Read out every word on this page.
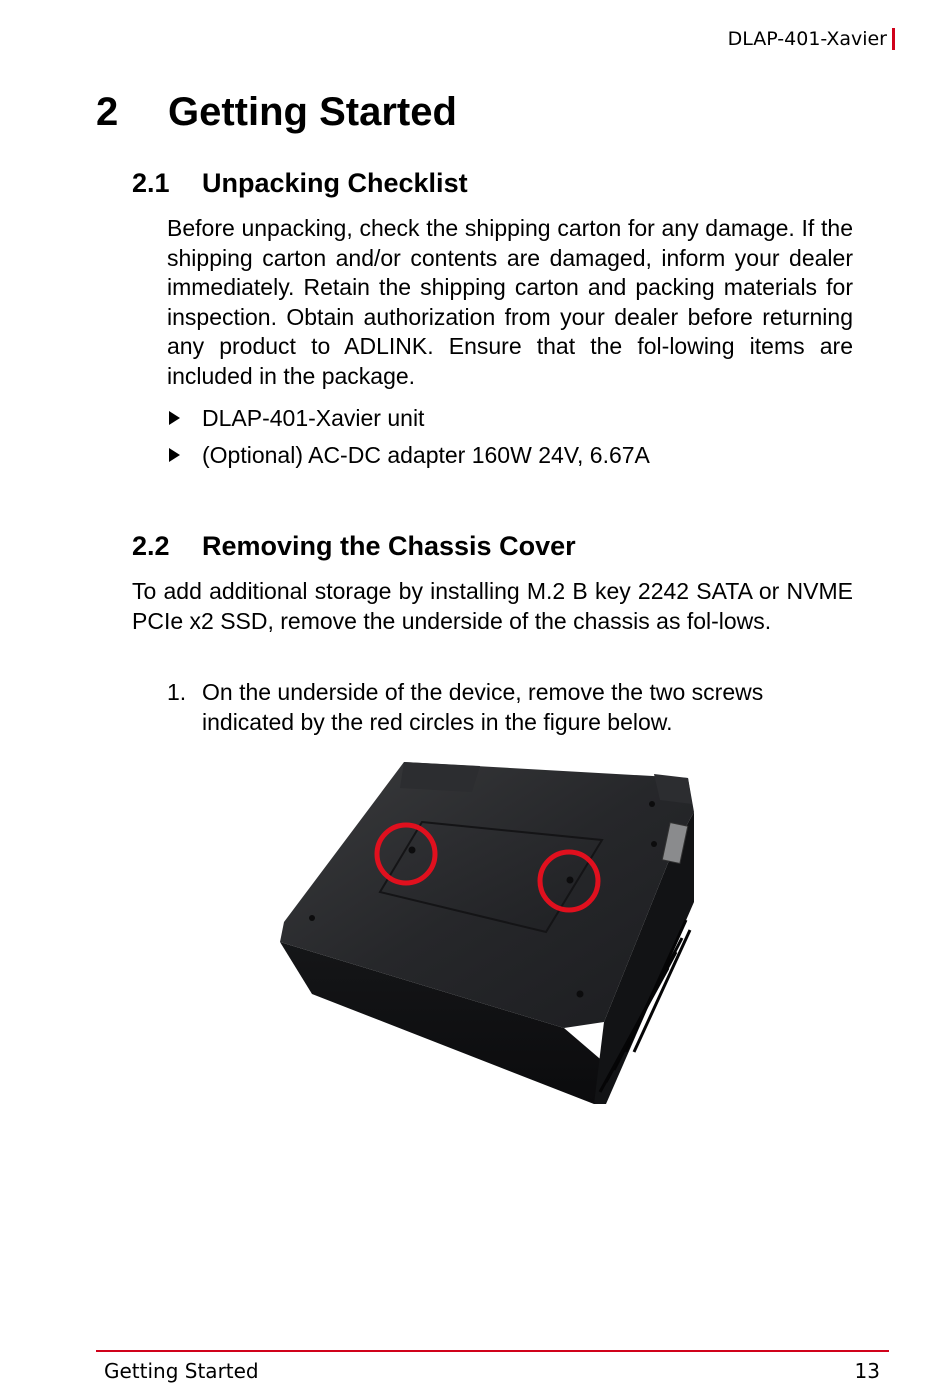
DLAP-401-Xavier
2	Getting Started
2.1	Unpacking Checklist

Before unpacking, check the shipping carton for any damage. If the shipping carton and/or contents are damaged, inform your dealer immediately. Retain the shipping carton and packing materials for inspection. Obtain authorization from your dealer before returning any product to ADLINK. Ensure that the fol-lowing items are included in the package.

DLAP-401-Xavier unit
(Optional) AC-DC adapter 160W 24V, 6.67A
2.2	Removing the Chassis Cover

To add additional storage by installing M.2 B key 2242 SATA or NVME PCIe x2 SSD, remove the underside of the chassis as fol-lows.

1. On the underside of the device, remove the two screws indicated by the red circles in the figure below.
Getting Started	13
